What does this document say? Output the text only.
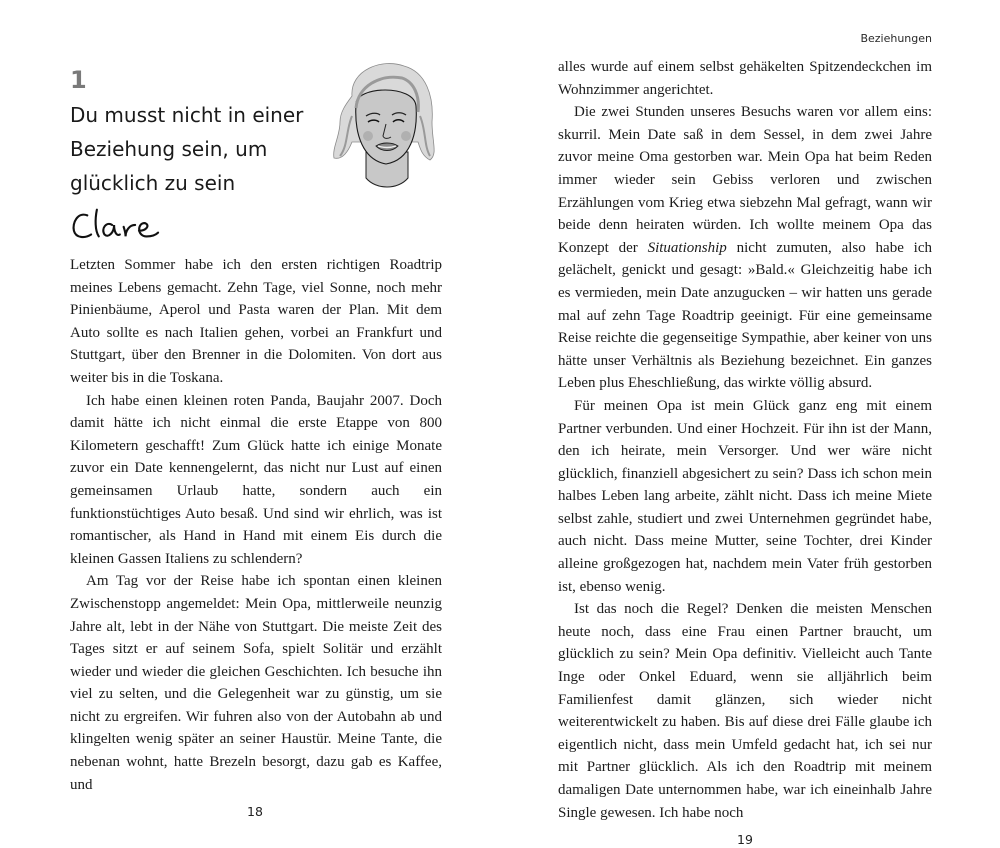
1
Du musst nicht in einer
Beziehung sein, um
glücklich zu sein

Letzten Sommer habe ich den ersten richtigen Roadtrip meines Lebens gemacht. Zehn Tage, viel Sonne, noch mehr Pinienbäume, Aperol und Pasta waren der Plan. Mit dem Auto sollte es nach Italien gehen, vorbei an Frankfurt und Stuttgart, über den Brenner in die Dolomiten. Von dort aus weiter bis in die Toskana.

Ich habe einen kleinen roten Panda, Baujahr 2007. Doch damit hätte ich nicht einmal die erste Etappe von 800 Kilometern geschafft! Zum Glück hatte ich einige Monate zuvor ein Date kennengelernt, das nicht nur Lust auf einen gemeinsamen Urlaub hatte, sondern auch ein funktionstüchtiges Auto besaß. Und sind wir ehrlich, was ist romantischer, als Hand in Hand mit einem Eis durch die kleinen Gassen Italiens zu schlendern?

Am Tag vor der Reise habe ich spontan einen kleinen Zwischenstopp angemeldet: Mein Opa, mittlerweile neunzig Jahre alt, lebt in der Nähe von Stuttgart. Die meiste Zeit des Tages sitzt er auf seinem Sofa, spielt Solitär und erzählt wieder und wieder die gleichen Geschichten. Ich besuche ihn viel zu selten, und die Gelegenheit war zu günstig, um sie nicht zu ergreifen. Wir fuhren also von der Autobahn ab und klingelten wenig später an seiner Haustür. Meine Tante, die nebenan wohnt, hatte Brezeln besorgt, dazu gab es Kaffee, und

18
Beziehungen

alles wurde auf einem selbst gehäkelten Spitzendeckchen im Wohnzimmer angerichtet.

Die zwei Stunden unseres Besuchs waren vor allem eins: skurril. Mein Date saß in dem Sessel, in dem zwei Jahre zuvor meine Oma gestorben war. Mein Opa hat beim Reden immer wieder sein Gebiss verloren und zwischen Erzählungen vom Krieg etwa siebzehn Mal gefragt, wann wir beide denn heiraten würden. Ich wollte meinem Opa das Konzept der Situationship nicht zumuten, also habe ich gelächelt, genickt und gesagt: »Bald.« Gleichzeitig habe ich es vermieden, mein Date anzugucken – wir hatten uns gerade mal auf zehn Tage Roadtrip geeinigt. Für eine gemeinsame Reise reichte die gegenseitige Sympathie, aber keiner von uns hätte unser Verhältnis als Beziehung bezeichnet. Ein ganzes Leben plus Eheschließung, das wirkte völlig absurd.

Für meinen Opa ist mein Glück ganz eng mit einem Partner verbunden. Und einer Hochzeit. Für ihn ist der Mann, den ich heirate, mein Versorger. Und wer wäre nicht glücklich, finanziell abgesichert zu sein? Dass ich schon mein halbes Leben lang arbeite, zählt nicht. Dass ich meine Miete selbst zahle, studiert und zwei Unternehmen gegründet habe, auch nicht. Dass meine Mutter, seine Tochter, drei Kinder alleine großgezogen hat, nachdem mein Vater früh gestorben ist, ebenso wenig.

Ist das noch die Regel? Denken die meisten Menschen heute noch, dass eine Frau einen Partner braucht, um glücklich zu sein? Mein Opa definitiv. Vielleicht auch Tante Inge oder Onkel Eduard, wenn sie alljährlich beim Familienfest damit glänzen, sich wieder nicht weiterentwickelt zu haben. Bis auf diese drei Fälle glaube ich eigentlich nicht, dass mein Umfeld gedacht hat, ich sei nur mit Partner glücklich. Als ich den Roadtrip mit meinem damaligen Date unternommen habe, war ich eineinhalb Jahre Single gewesen. Ich habe noch

19
